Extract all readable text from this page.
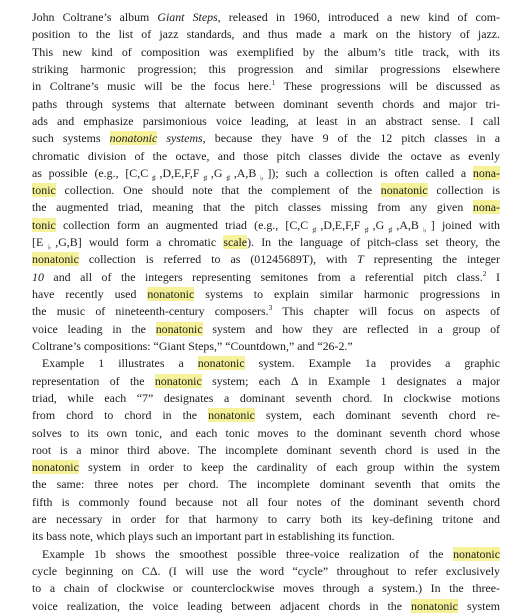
John Coltrane’s album Giant Steps, released in 1960, introduced a new kind of com-
position to the list of jazz standards, and thus made a mark on the history of jazz.
This new kind of composition was exemplified by the album’s title track, with its
striking harmonic progression; this progression and similar progressions elsewhere
in Coltrane’s music will be the focus here.$^1$ These progressions will be discussed as
paths through systems that alternate between dominant seventh chords and major tri-
ads and emphasize parsimonious voice leading, at least in an abstract sense. I call
such systems nonatonic systems, because they have 9 of the 12 pitch classes in a
chromatic division of the octave, and those pitch classes divide the octave as evenly
as possible (e.g., $[C,C_♯,D,E,F,F_♯,G_♯,A,B_♭]$); such a collection is often called a nona-
tonic collection. One should note that the complement of the nonatonic collection is
the augmented triad, meaning that the pitch classes missing from any given nona-
tonic collection form an augmented triad (e.g., $[C,C_♯,D,E,F,F_♯,G_♯,A,B_♭]$ joined with
$[E_♭,G,B]$ would form a chromatic scale). In the language of pitch-class set theory, the
nonatonic collection is referred to as (01245689T), with T representing the integer
10 and all of the integers representing semitones from a referential pitch class.$^2$ I
have recently used nonatonic systems to explain similar harmonic progressions in
the music of nineteenth-century composers.$^3$ This chapter will focus on aspects of
voice leading in the nonatonic system and how they are reflected in a group of
Coltrane’s compositions: “Giant Steps,” “Countdown,” and “26-2.”
Example 1 illustrates a nonatonic system. Example 1a provides a graphic
representation of the nonatonic system; each Δ in Example 1 designates a major
triad, while each “7” designates a dominant seventh chord. In clockwise motions
from chord to chord in the nonatonic system, each dominant seventh chord re-
solves to its own tonic, and each tonic moves to the dominant seventh chord whose
root is a minor third above. The incomplete dominant seventh chord is used in the
nonatonic system in order to keep the cardinality of each group within the system
the same: three notes per chord. The incomplete dominant seventh that omits the
fifth is commonly found because not all four notes of the dominant seventh chord
are necessary in order for that harmony to carry both its key-defining tritone and
its bass note, which plays such an important part in establishing its function.
Example 1b shows the smoothest possible three-voice realization of the nonatonic
cycle beginning on CΔ. (I will use the word “cycle” throughout to refer exclusively
to a chain of clockwise or counterclockwise moves through a system.) In the three-
voice realization, the voice leading between adjacent chords in the nonatonic system
